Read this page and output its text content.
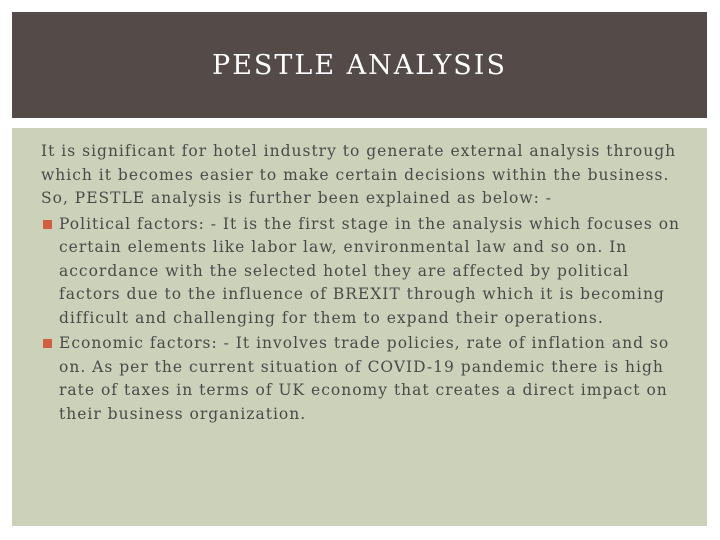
PESTLE ANALYSIS

It is significant for hotel industry to generate external analysis through which it becomes easier to make certain decisions within the business. So, PESTLE analysis is further been explained as below: -

Political factors: - It is the first stage in the analysis which focuses on certain elements like labor law, environmental law and so on. In accordance with the selected hotel they are affected by political factors due to the influence of BREXIT through which it is becoming difficult and challenging for them to expand their operations.
Economic factors: - It involves trade policies, rate of inflation and so on. As per the current situation of COVID-19 pandemic there is high rate of taxes in terms of UK economy that creates a direct impact on their business organization.
